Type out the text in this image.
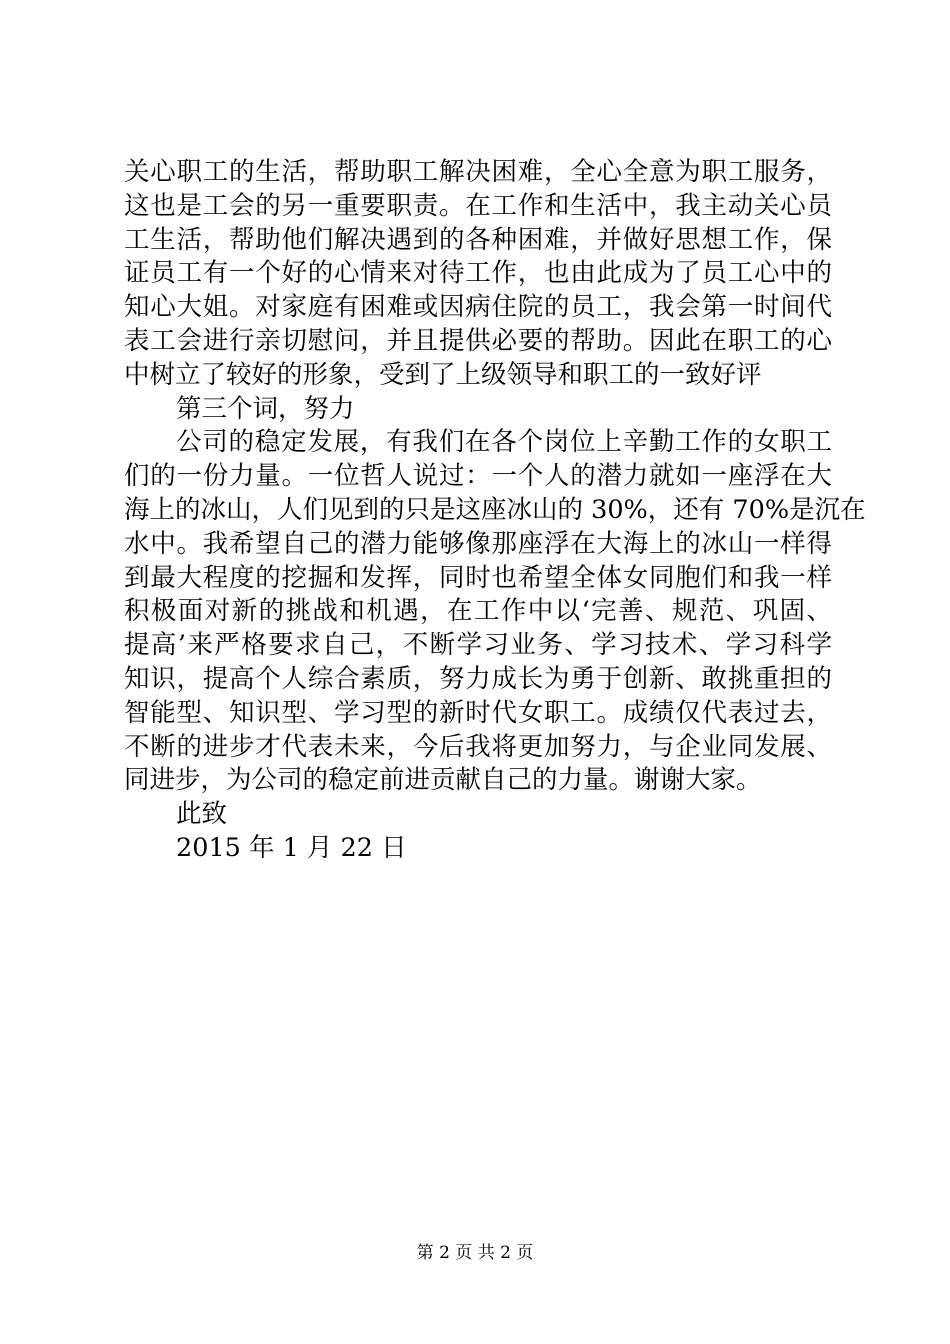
关心职工的生活，帮助职工解决困难，全心全意为职工服务，
这也是工会的另一重要职责。在工作和生活中，我主动关心员
工生活，帮助他们解决遇到的各种困难，并做好思想工作，保
证员工有一个好的心情来对待工作，也由此成为了员工心中的
知心大姐。对家庭有困难或因病住院的员工，我会第一时间代
表工会进行亲切慰问，并且提供必要的帮助。因此在职工的心
中树立了较好的形象，受到了上级领导和职工的一致好评
第三个词，努力
公司的稳定发展，有我们在各个岗位上辛勤工作的女职工
们的一份力量。一位哲人说过：一个人的潜力就如一座浮在大
海上的冰山，人们见到的只是这座冰山的 30%，还有 70%是沉在
水中。我希望自己的潜力能够像那座浮在大海上的冰山一样得
到最大程度的挖掘和发挥，同时也希望全体女同胞们和我一样
积极面对新的挑战和机遇，在工作中以‘完善、规范、巩固、
提高’来严格要求自己，不断学习业务、学习技术、学习科学
知识，提高个人综合素质，努力成长为勇于创新、敢挑重担的
智能型、知识型、学习型的新时代女职工。成绩仅代表过去，
不断的进步才代表未来，今后我将更加努力，与企业同发展、
同进步，为公司的稳定前进贡献自己的力量。谢谢大家。
此致
2015 年 1 月 22 日
第 2 页 共 2 页
